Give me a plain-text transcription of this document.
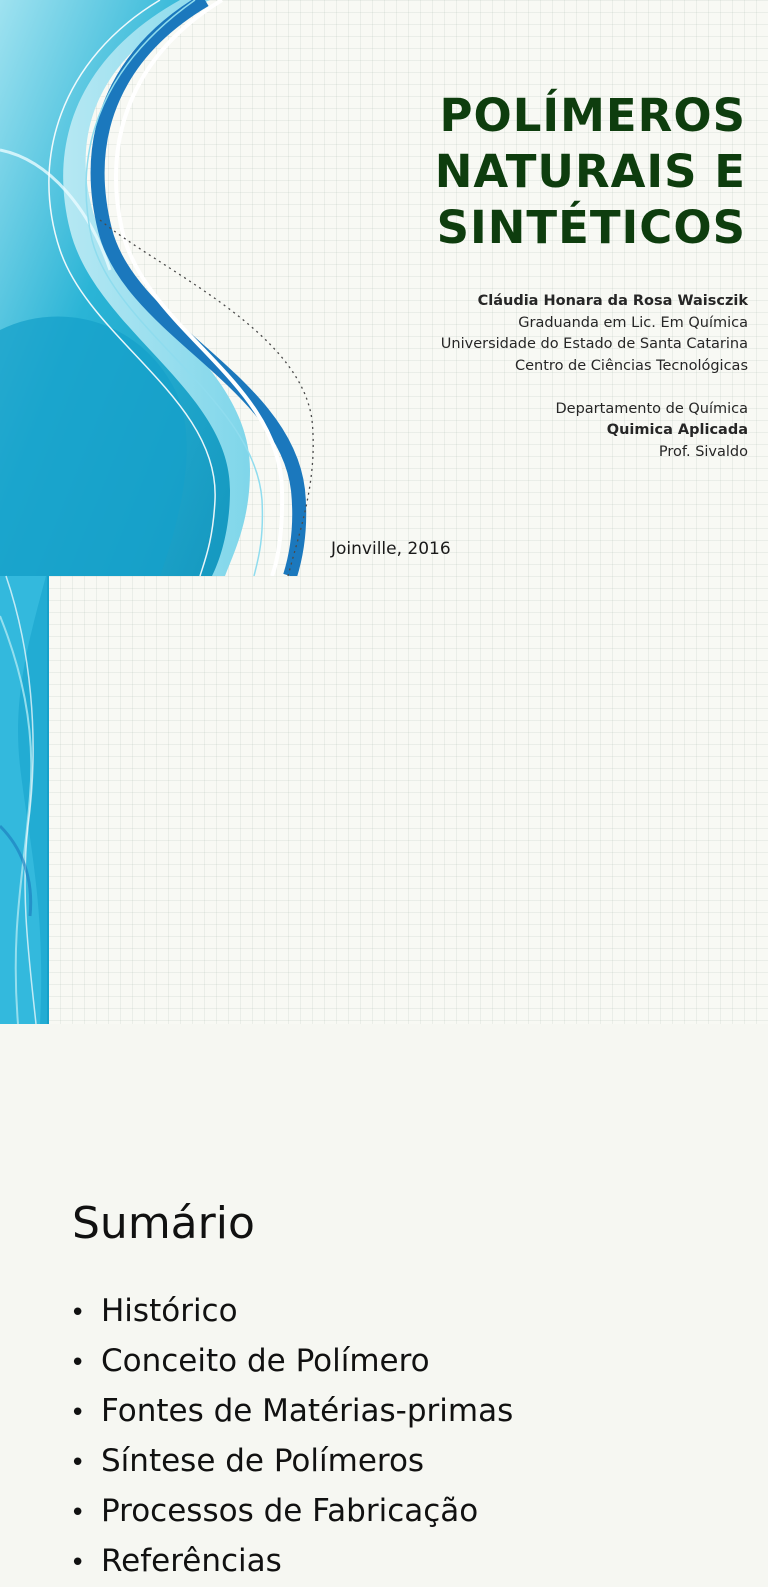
POLÍMEROS
NATURAIS E
SINTÉTICOS
Cláudia Honara da Rosa Waisczik
Graduanda em Lic. Em Química
Universidade do Estado de Santa Catarina
Centro de Ciências Tecnológicas
Departamento de Química
Quimica Aplicada
Prof. Sivaldo
Joinville, 2016
Sumário
• Histórico
• Conceito de Polímero
• Fontes de Matérias-primas
• Síntese de Polímeros
• Processos de Fabricação
• Referências
